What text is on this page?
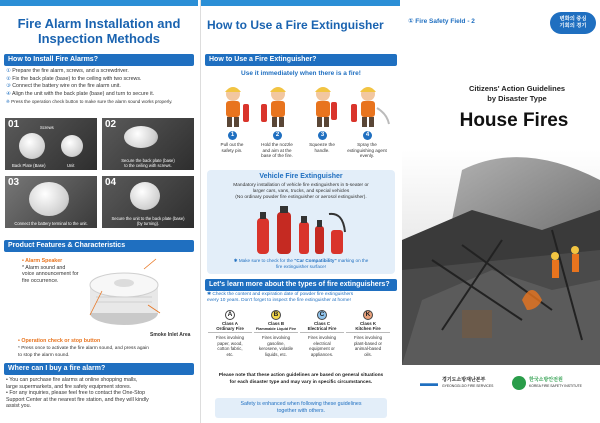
Fire Alarm Installation and
Inspection Methods
How to Install Fire Alarms?
① Prepare the fire alarm, screws, and a screwdriver.
② Fix the back plate (base) to the ceiling with two screws.
③ Connect the battery wire on the fire alarm unit.
④ Align the unit with the back plate (base) and turn to secure it.
※ Press the operation check button to make sure the alarm sound works properly.
01	Screws
Back Plate (Base)	Unit
02
Secure the back plate (base)
to the ceiling with screws.
03
Connect the battery terminal to the unit.
04
Secure the unit to the back plate (base)
(by turning).
Product Features & Characteristics
• Alarm Speaker
* Alarm sound and
voice announcement for
fire occurrence.
Smoke Inlet Area
• Operation check or stop button
* Press once to activate the fire alarm sound, and press again
to stop the alarm sound.
Where can I buy a fire alarm?
• You can purchase fire alarms at online shopping malls,
large supermarkets, and fire safety equipment stores.
• For any inquiries, please feel free to contact the One-Stop
Support Center at the nearest fire station, and they will kindly
assist you.
How to Use a Fire Extinguisher
How to Use a Fire Extinguisher?
Use it immediately when there is a fire!
1	2	3	4
Pull out the
safety pin.
Hold the nozzle
and aim at the
base of the fire.
Squeeze the
handle.
Spray the
extinguishing agent
evenly.
Vehicle Fire Extinguisher
Mandatory installation of vehicle fire extinguishers in 5-seater or
larger cars, vans, trucks, and special vehicles
(No ordinary powder fire extinguisher or aerosol extinguisher).
✱ Make sure to check for the "Car Compatibility" marking on the
fire extinguisher surface!
Let's learn more about the types of fire extinguishers?
✱ Check the content and expiration date of powder fire extinguishers
every 10 years. Don't forget to inspect the fire extinguisher at home!
A
Class A
Ordinary Fire
Fires involving
paper, wood,
cotton fabric,
etc.
B
Class B
Flammable Liquid Fire
Fires involving
gasoline,
kerosene, volatile
liquids, etc.
C
Class C
Electrical Fire
Fires involving
electrical
equipment or
appliances.
K
Class K
Kitchen Fire
Fires involving
plant-based or
animal-based
oils.
Please note that these action guidelines are based on general situations
for each disaster type and may vary in specific circumstances.
Safety is enhanced when following these guidelines
together with others.
① Fire Safety Field - 2	변화의 중심
기회의 경기
Citizens' Action Guidelines
by Disaster Type
House Fires
▬▬ 경기도소방재난본부
GYEONGGI-DO FIRE SERVICES
한국소방안전원
KOREA FIRE SAFETY INSTITUTE
